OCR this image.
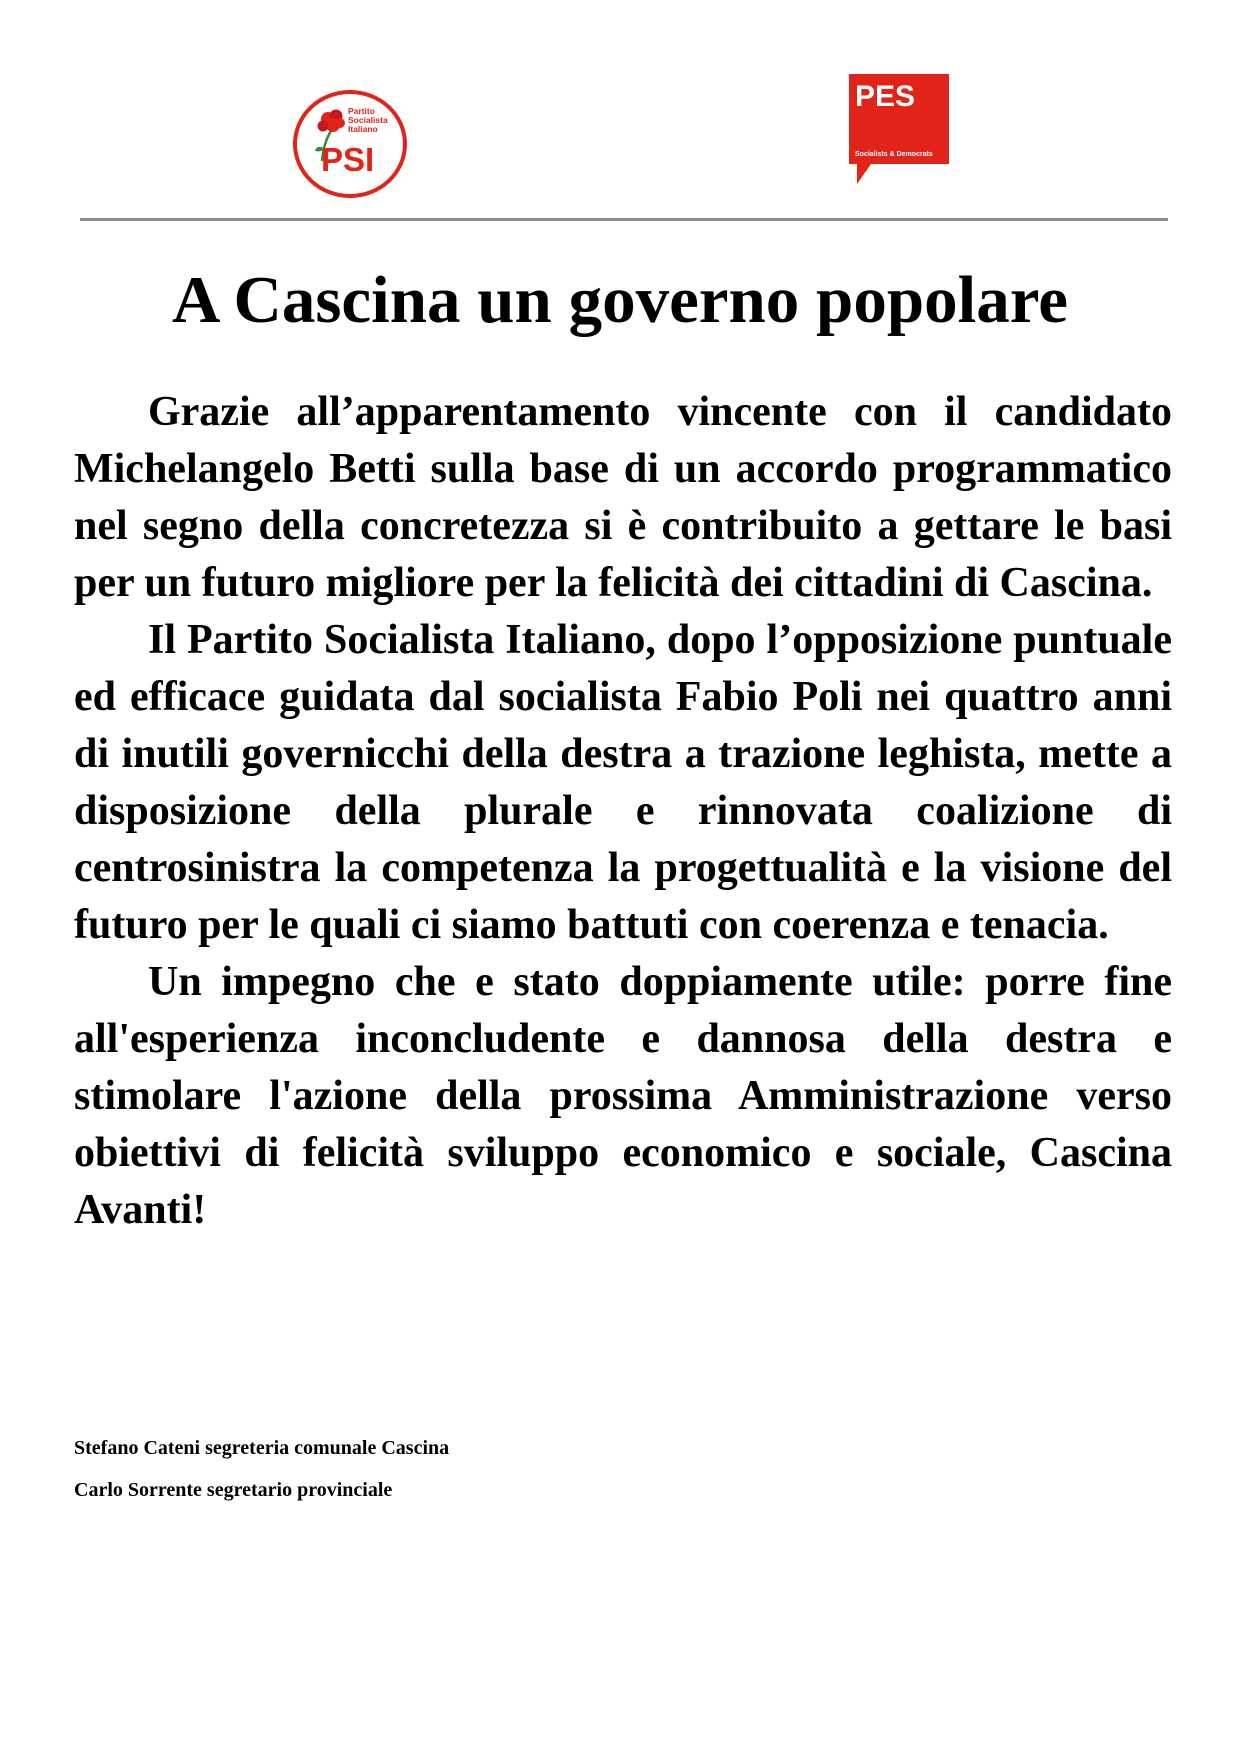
Partito
Socialista
Italiano
PSI
PES
Socialists & Democrats
A Cascina un governo popolare

Grazie all’apparentamento vincente con il candidato Michelangelo Betti sulla base di un accordo programmatico nel segno della concretezza si è contribuito a gettare le basi per un futuro migliore per la felicità dei cittadini di Cascina.

Il Partito Socialista Italiano, dopo l’opposizione puntuale ed efficace guidata dal socialista Fabio Poli nei quattro anni di inutili governicchi della destra a trazione leghista, mette a disposizione della plurale e rinnovata coalizione di centrosinistra la competenza la progettualità e la visione del futuro per le quali ci siamo battuti con coerenza e tenacia.

Un impegno che e stato doppiamente utile: porre fine all'esperienza inconcludente e dannosa della destra e stimolare l'azione della prossima Amministrazione verso obiettivi di felicità sviluppo economico e sociale, Cascina Avanti!

Stefano Cateni segreteria comunale Cascina

Carlo Sorrente segretario provinciale
